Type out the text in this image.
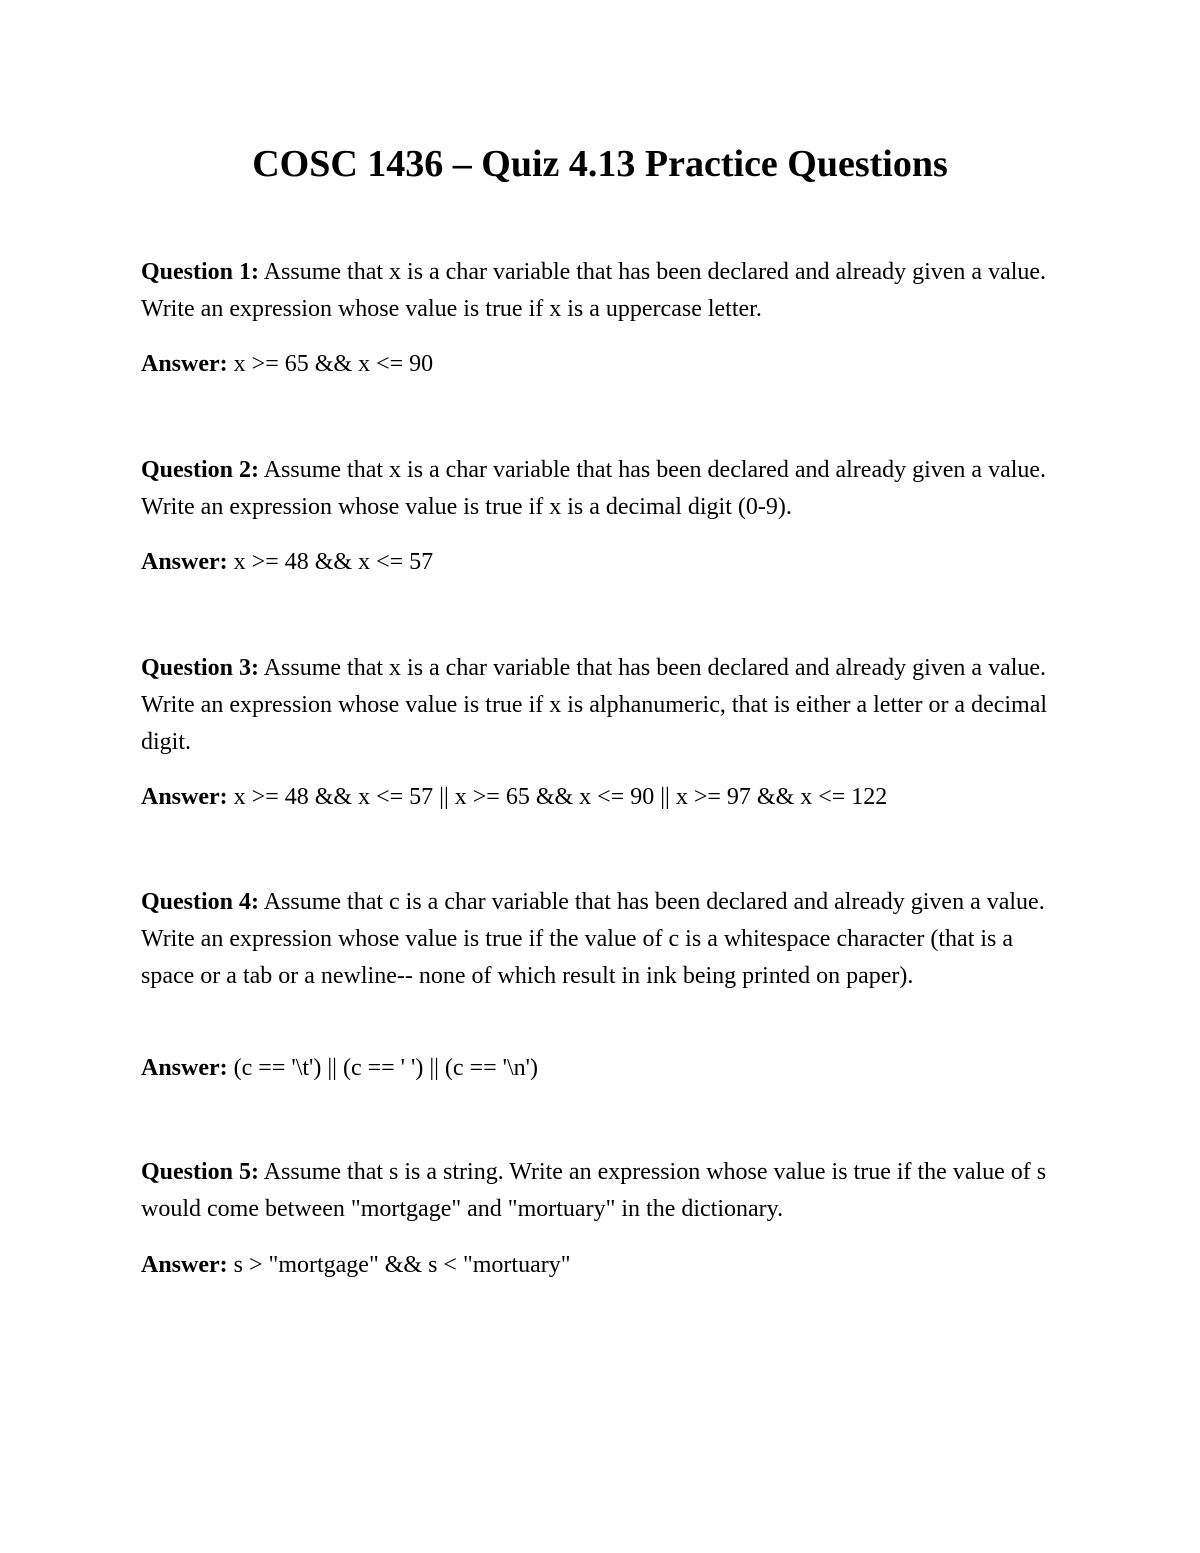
COSC 1436 – Quiz 4.13 Practice Questions

Question 1: Assume that x is a char variable that has been declared and already given a value. Write an expression whose value is true if x is a uppercase letter.

Answer: x >= 65 && x <= 90

Question 2: Assume that x is a char variable that has been declared and already given a value. Write an expression whose value is true if x is a decimal digit (0-9).

Answer: x >= 48 && x <= 57

Question 3: Assume that x is a char variable that has been declared and already given a value. Write an expression whose value is true if x is alphanumeric, that is either a letter or a decimal digit.

Answer: x >= 48 && x <= 57 || x >= 65 && x <= 90 || x >= 97 && x <= 122

Question 4: Assume that c is a char variable that has been declared and already given a value. Write an expression whose value is true if the value of c is a whitespace character (that is a space or a tab or a newline-- none of which result in ink being printed on paper).

Answer: (c == '\t') || (c == ' ') || (c == '\n')

Question 5: Assume that s is a string. Write an expression whose value is true if the value of s would come between "mortgage" and "mortuary" in the dictionary.

Answer: s > "mortgage" && s < "mortuary"
